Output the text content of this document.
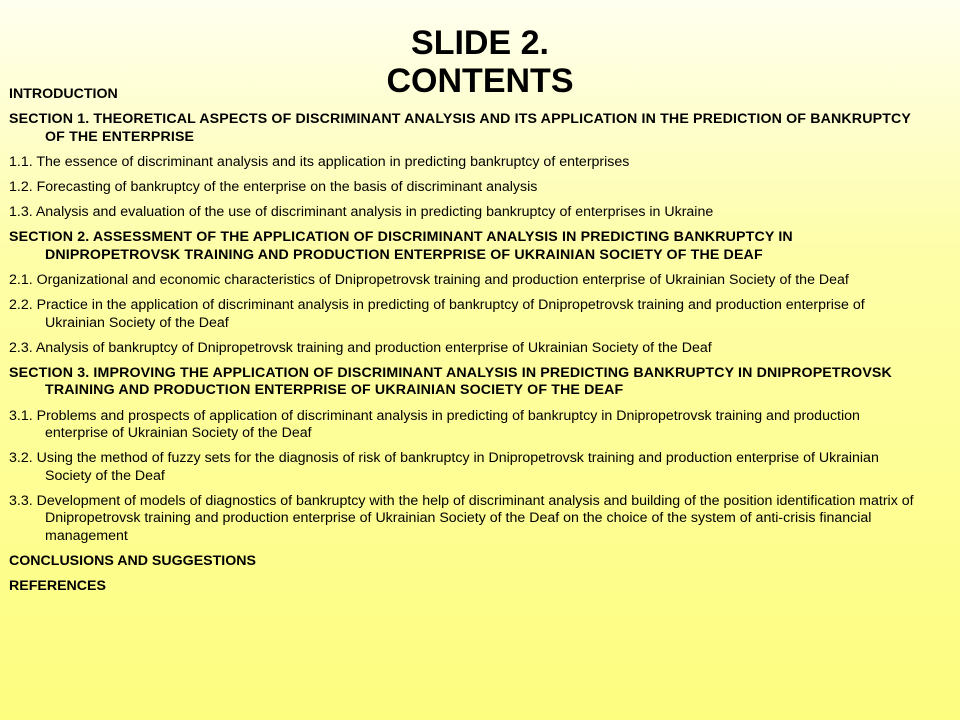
SLIDE 2.
CONTENTS
INTRODUCTION
SECTION 1. THEORETICAL ASPECTS OF DISCRIMINANT ANALYSIS AND ITS APPLICATION IN THE PREDICTION OF BANKRUPTCY OF THE ENTERPRISE
1.1. The essence of discriminant analysis and its application in predicting bankruptcy of enterprises
1.2. Forecasting of bankruptcy of the enterprise on the basis of discriminant analysis
1.3. Analysis and evaluation of the use of discriminant analysis in predicting bankruptcy of enterprises in Ukraine
SECTION 2. ASSESSMENT OF THE APPLICATION OF DISCRIMINANT ANALYSIS IN PREDICTING BANKRUPTCY IN DNIPROPETROVSK TRAINING AND PRODUCTION ENTERPRISE OF UKRAINIAN SOCIETY OF THE DEAF
2.1. Organizational and economic characteristics of Dnipropetrovsk training and production enterprise of Ukrainian Society of the Deaf
2.2. Practice in the application of discriminant analysis in predicting of bankruptcy of Dnipropetrovsk training and production enterprise of Ukrainian Society of the Deaf
2.3. Analysis of bankruptcy of Dnipropetrovsk training and production enterprise of Ukrainian Society of the Deaf
SECTION 3. IMPROVING THE APPLICATION OF DISCRIMINANT ANALYSIS IN PREDICTING BANKRUPTCY IN DNIPROPETROVSK TRAINING AND PRODUCTION ENTERPRISE OF UKRAINIAN SOCIETY OF THE DEAF
3.1. Problems and prospects of application of discriminant analysis in predicting of bankruptcy in Dnipropetrovsk training and production enterprise of Ukrainian Society of the Deaf
3.2. Using the method of fuzzy sets for the diagnosis of risk of bankruptcy in Dnipropetrovsk training and production enterprise of Ukrainian Society of the Deaf
3.3. Development of models of diagnostics of bankruptcy with the help of discriminant analysis and building of the position identification matrix of Dnipropetrovsk training and production enterprise of Ukrainian Society of the Deaf on the choice of the system of anti-crisis financial management
CONCLUSIONS AND SUGGESTIONS
REFERENCES
